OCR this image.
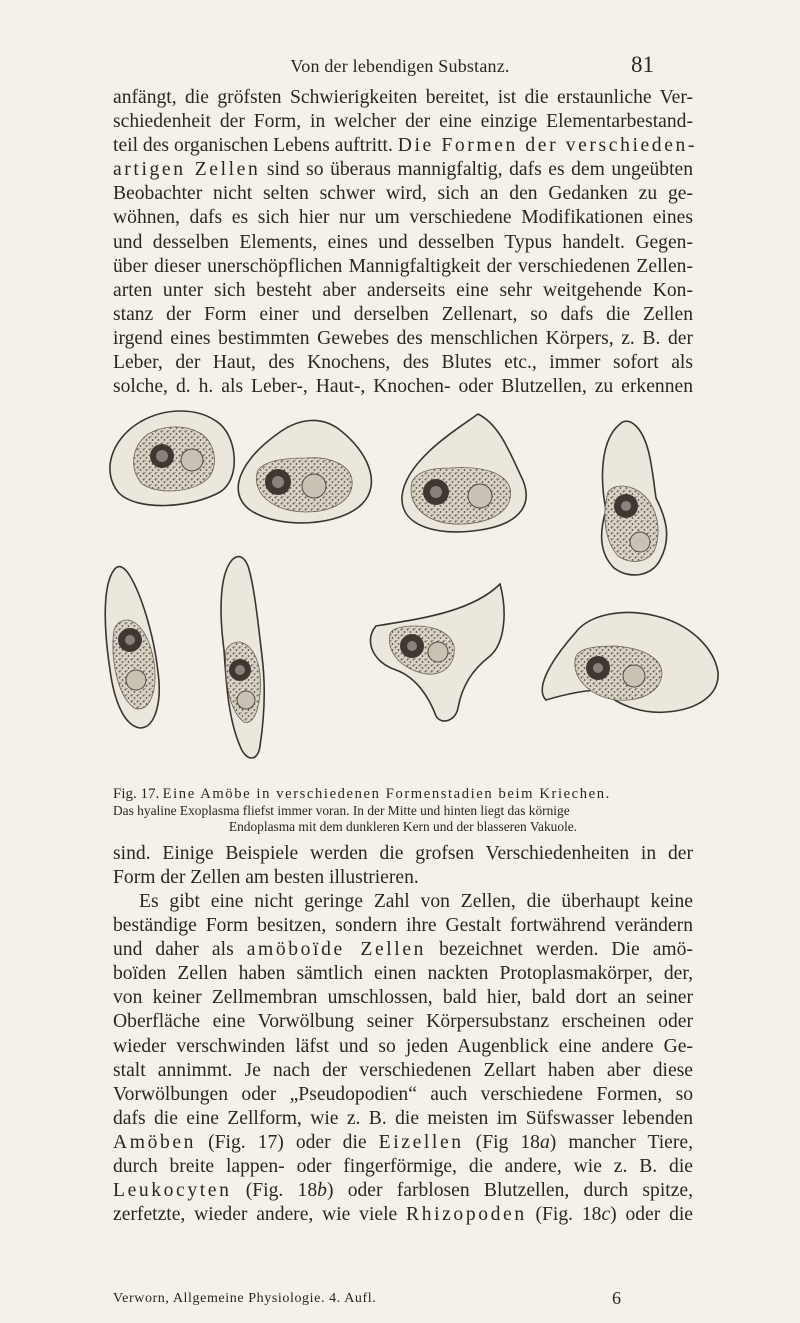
Von der lebendigen Substanz.	81
anfängt, die gröfsten Schwierigkeiten bereitet, ist die erstaunliche Ver-
schiedenheit der Form, in welcher der eine einzige Elementarbestand-
teil des organischen Lebens auftritt. Die Formen der verschieden-
artigen Zellen sind so überaus mannigfaltig, dafs es dem ungeübten
Beobachter nicht selten schwer wird, sich an den Gedanken zu ge-
wöhnen, dafs es sich hier nur um verschiedene Modifikationen eines
und desselben Elements, eines und desselben Typus handelt. Gegen-
über dieser unerschöpflichen Mannigfaltigkeit der verschiedenen Zellen-
arten unter sich besteht aber anderseits eine sehr weitgehende Kon-
stanz der Form einer und derselben Zellenart, so dafs die Zellen
irgend eines bestimmten Gewebes des menschlichen Körpers, z. B. der
Leber, der Haut, des Knochens, des Blutes etc., immer sofort als
solche, d. h. als Leber-, Haut-, Knochen- oder Blutzellen, zu erkennen
Fig. 17. Eine Amöbe in verschiedenen Formenstadien beim Kriechen.
Das hyaline Exoplasma fliefst immer voran. In der Mitte und hinten liegt das körnige
Endoplasma mit dem dunkleren Kern und der blasseren Vakuole.
sind. Einige Beispiele werden die grofsen Verschiedenheiten in der
Form der Zellen am besten illustrieren.
Es gibt eine nicht geringe Zahl von Zellen, die überhaupt keine
beständige Form besitzen, sondern ihre Gestalt fortwährend verändern
und daher als amöboïde Zellen bezeichnet werden. Die amö-
boïden Zellen haben sämtlich einen nackten Protoplasmakörper, der,
von keiner Zellmembran umschlossen, bald hier, bald dort an seiner
Oberfläche eine Vorwölbung seiner Körpersubstanz erscheinen oder
wieder verschwinden läfst und so jeden Augenblick eine andere Ge-
stalt annimmt. Je nach der verschiedenen Zellart haben aber diese
Vorwölbungen oder „Pseudopodien“ auch verschiedene Formen, so
dafs die eine Zellform, wie z. B. die meisten im Süfswasser lebenden
Amöben (Fig. 17) oder die Eizellen (Fig 18a) mancher Tiere,
durch breite lappen- oder fingerförmige, die andere, wie z. B. die
Leukocyten (Fig. 18b) oder farblosen Blutzellen, durch spitze,
zerfetzte, wieder andere, wie viele Rhizopoden (Fig. 18c) oder die
Verworn, Allgemeine Physiologie. 4. Aufl.	6
